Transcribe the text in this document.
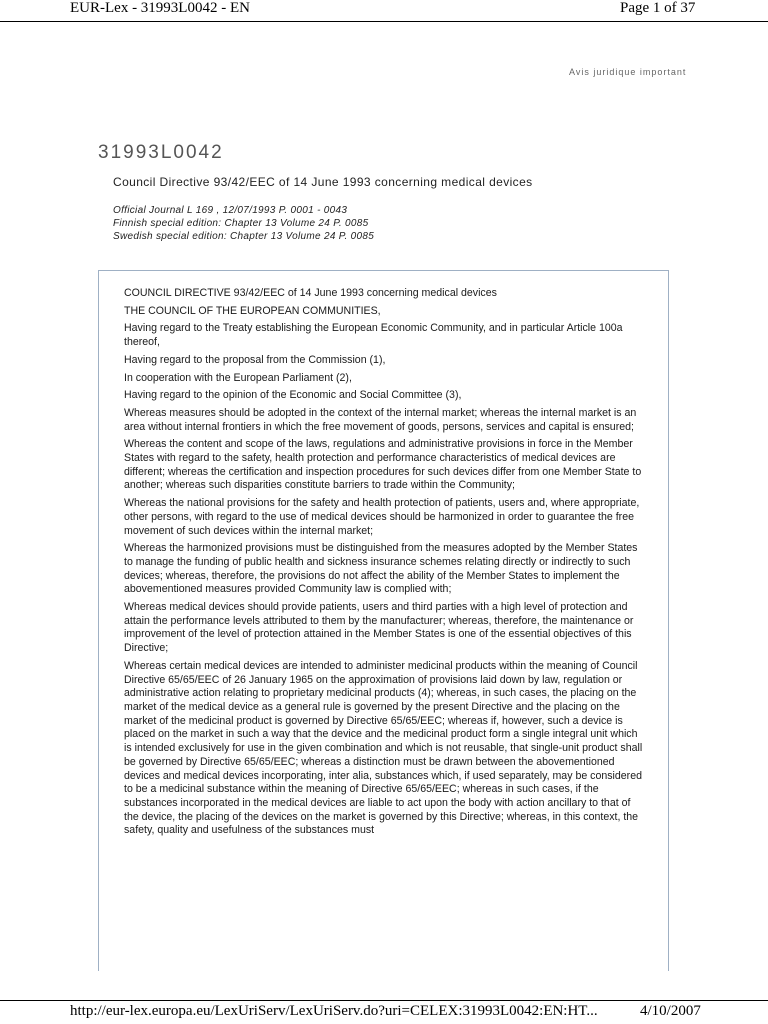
EUR-Lex - 31993L0042 - EN	Page 1 of 37
Avis juridique important
31993L0042
Council Directive 93/42/EEC of 14 June 1993 concerning medical devices
Official Journal L 169 , 12/07/1993 P. 0001 - 0043
Finnish special edition: Chapter 13 Volume 24 P. 0085
Swedish special edition: Chapter 13 Volume 24 P. 0085

COUNCIL DIRECTIVE 93/42/EEC of 14 June 1993 concerning medical devices

THE COUNCIL OF THE EUROPEAN COMMUNITIES,

Having regard to the Treaty establishing the European Economic Community, and in particular Article 100a thereof,

Having regard to the proposal from the Commission (1),

In cooperation with the European Parliament (2),

Having regard to the opinion of the Economic and Social Committee (3),

Whereas measures should be adopted in the context of the internal market; whereas the internal market is an area without internal frontiers in which the free movement of goods, persons, services and capital is ensured;

Whereas the content and scope of the laws, regulations and administrative provisions in force in the Member States with regard to the safety, health protection and performance characteristics of medical devices are different; whereas the certification and inspection procedures for such devices differ from one Member State to another; whereas such disparities constitute barriers to trade within the Community;

Whereas the national provisions for the safety and health protection of patients, users and, where appropriate, other persons, with regard to the use of medical devices should be harmonized in order to guarantee the free movement of such devices within the internal market;

Whereas the harmonized provisions must be distinguished from the measures adopted by the Member States to manage the funding of public health and sickness insurance schemes relating directly or indirectly to such devices; whereas, therefore, the provisions do not affect the ability of the Member States to implement the abovementioned measures provided Community law is complied with;

Whereas medical devices should provide patients, users and third parties with a high level of protection and attain the performance levels attributed to them by the manufacturer; whereas, therefore, the maintenance or improvement of the level of protection attained in the Member States is one of the essential objectives of this Directive;

Whereas certain medical devices are intended to administer medicinal products within the meaning of Council Directive 65/65/EEC of 26 January 1965 on the approximation of provisions laid down by law, regulation or administrative action relating to proprietary medicinal products (4); whereas, in such cases, the placing on the market of the medical device as a general rule is governed by the present Directive and the placing on the market of the medicinal product is governed by Directive 65/65/EEC; whereas if, however, such a device is placed on the market in such a way that the device and the medicinal product form a single integral unit which is intended exclusively for use in the given combination and which is not reusable, that single-unit product shall be governed by Directive 65/65/EEC; whereas a distinction must be drawn between the abovementioned devices and medical devices incorporating, inter alia, substances which, if used separately, may be considered to be a medicinal substance within the meaning of Directive 65/65/EEC; whereas in such cases, if the substances incorporated in the medical devices are liable to act upon the body with action ancillary to that of the device, the placing of the devices on the market is governed by this Directive; whereas, in this context, the safety, quality and usefulness of the substances must

http://eur-lex.europa.eu/LexUriServ/LexUriServ.do?uri=CELEX:31993L0042:EN:HT...	4/10/2007
